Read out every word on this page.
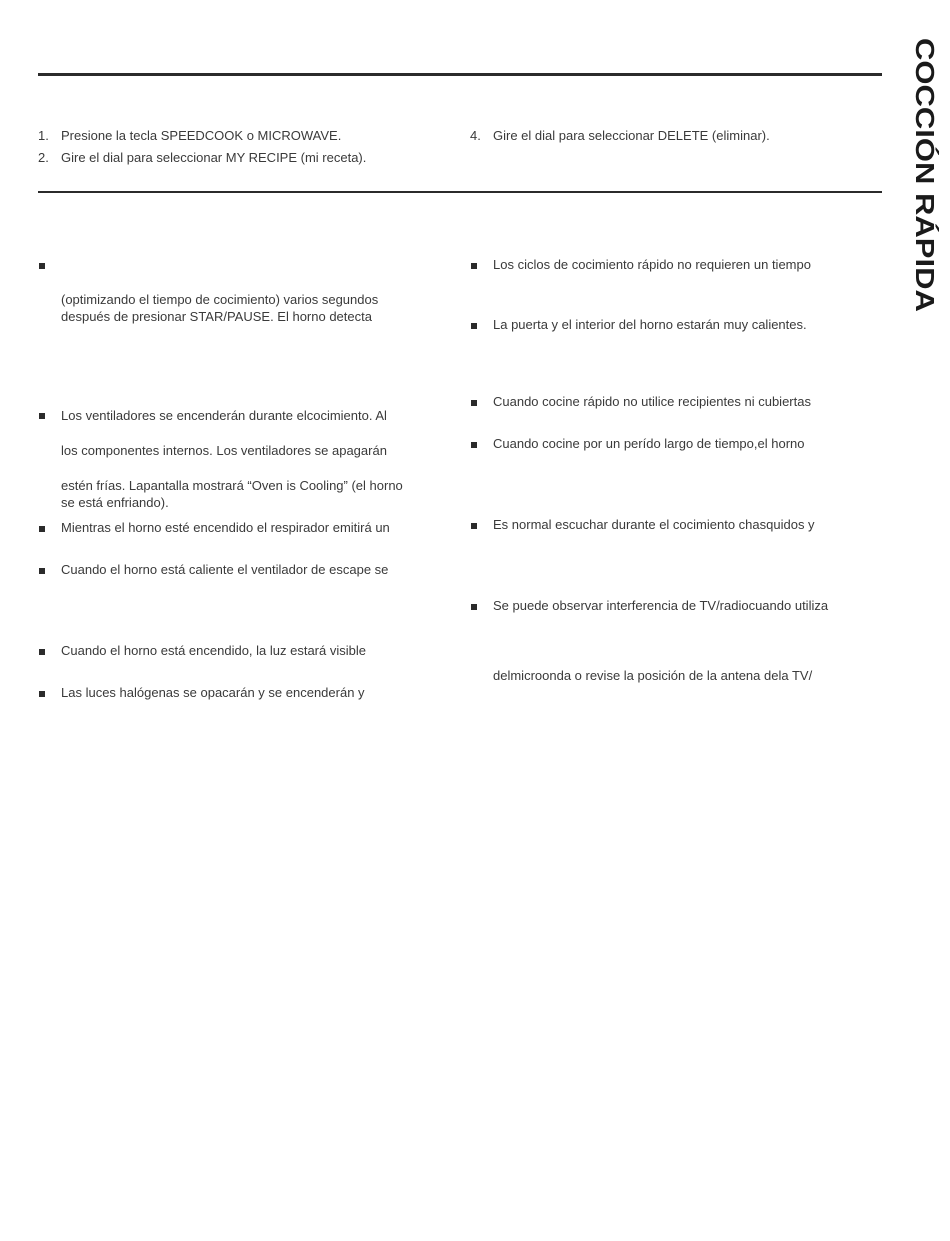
COCCIÓN RÁPIDA
1. Presione la tecla SPEEDCOOK o MICROWAVE.
2. Gire el dial para seleccionar MY RECIPE (mi receta).
4. Gire el dial para seleccionar DELETE (eliminar).
(optimizando el tiempo de cocimiento) varios segundos
después de presionar STAR/PAUSE. El horno detecta
Los ventiladores se encenderán durante elcocimiento. Al
los componentes internos. Los ventiladores se apagarán
estén frías. Lapantalla mostrará “Oven is Cooling” (el horno
se está enfriando).
Mientras el horno esté encendido el respirador emitirá un
Cuando el horno está caliente el ventilador de escape se
Cuando el horno está encendido, la luz estará visible
Las luces halógenas se opacarán y se encenderán y
Los ciclos de cocimiento rápido no requieren un tiempo
La puerta y el interior del horno estarán muy calientes.
Cuando cocine rápido no utilice recipientes ni cubiertas
Cuando cocine por un perído largo de tiempo,el horno
Es normal escuchar durante el cocimiento chasquidos y
Se puede observar interferencia de TV/radiocuando utiliza
delmicroonda o revise la posición de la antena dela TV/
